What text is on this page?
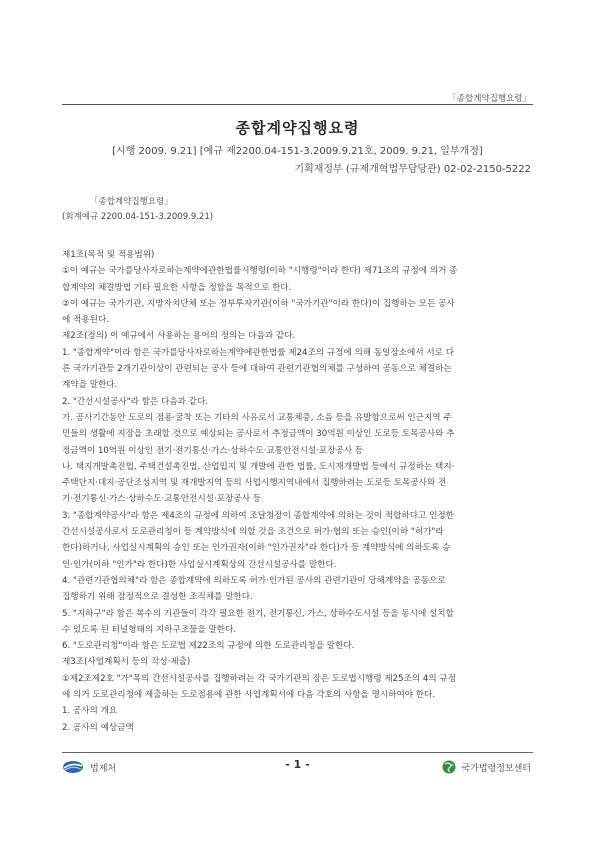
「종합계약집행요령」
종합계약집행요령
[시행 2009. 9.21] [예규 제2200.04-151-3.2009.9.21호, 2009. 9.21, 일부개정]
기획재정부 (규제개혁법무담당관) 02-02-2150-5222
「종합계약집행요령」
(회계예규 2200.04-151-3.2009.9.21)
제1조(목적 및 적용범위)
①이 예규는 국가를당사자로하는계약에관한법률시행령(이하 "시행령"이라 한다) 제71조의 규정에 의거 종
합계약의 체결방법 기타 필요한 사항을 정함을 목적으로 한다.
②이 예규는 국가기관, 지방자치단체 또는 정부투자기관(이하 "국가기관"이라 한다)이 집행하는 모든 공사
에 적용된다.
제2조(정의) 이 예규에서 사용하는 용어의 정의는 다음과 같다.
1. "종합계약"이라 함은 국가를당사자로하는계약에관한법률 제24조의 규정에 의해 동일장소에서 서로 다
른 국가기관등 2개기관이상이 관련되는 공사 등에 대하여 관련기관협의체를 구성하여 공동으로 체결하는
계약을 말한다.
2. "간선시설공사"라 함은 다음과 같다.
가. 공사기간동안 도로의 점용·굴착 또는 기타의 사유로서 교통체증, 소음 등을 유발함으로써 인근지역 주
민들의 생활에 지장을 초래할 것으로 예상되는 공사로서 추정금액이 30억원 이상인 도로등 토목공사와 추
정금액이 10억원 이상인 전기·전기통신·가스·상하수도·교통안전시설·포장공사 등
나. 택지개발촉진법, 주택건설촉진법, 산업입지 및 개발에 관한 법률, 도시재개발법 등에서 규정하는 택지·
주택단지·대지·공단조성지역 및 재개발지역 등의 사업시행지역내에서 집행하려는 도로등 토목공사와 전
기·전기통신·가스·상하수도·교통안전시설·포장공사 등
3. "종합계약공사"라 함은 제4조의 규정에 의하여 조달청장이 종합계약에 의하는 것이 적합하다고 인정한
간선시설공사로서 도로관리청이 등 계약방식에 의할 것을 조건으로 허가·협의 또는 승인(이하 "허가"라
한다)하거나, 사업실시계획의 승인 또는 인가권자(이하 "인가권자"라 한다)가 등 계약방식에 의하도록 승
인·인가(이하 "인가"라 한다)한 사업실시계획상의 간선시설공사를 말한다.
4. "관련기관협의체"라 함은 종합계약에 의하도록 허가·인가된 공사의 관련기관이 당해계약을 공동으로
집행하기 위해 잠정적으로 결성한 조직체를 말한다.
5. "지하구"라 함은 복수의 기관들이 각각 필요한 전기, 전기통신, 가스, 상하수도시설 등을 동시에 설치할
수 있도록 된 터널형태의 지하구조물을 말한다.
6. "도로관리청"이라 함은 도로법 제22조의 규정에 의한 도로관리청을 말한다.
제3조(사업계획서 등의 작성·제출)
①제2조제2호 "가"목의 간선시설공사를 집행하려는 각 국가기관의 장은 도로법시행령 제25조의 4의 규정
에 의거 도로관리청에 제출하는 도로점용에 관한 사업계획서에 다음 각호의 사항을 명시하여야 한다.
1. 공사의 개요
2. 공사의 예상금액
법제처	- 1 -	국가법령정보센터
